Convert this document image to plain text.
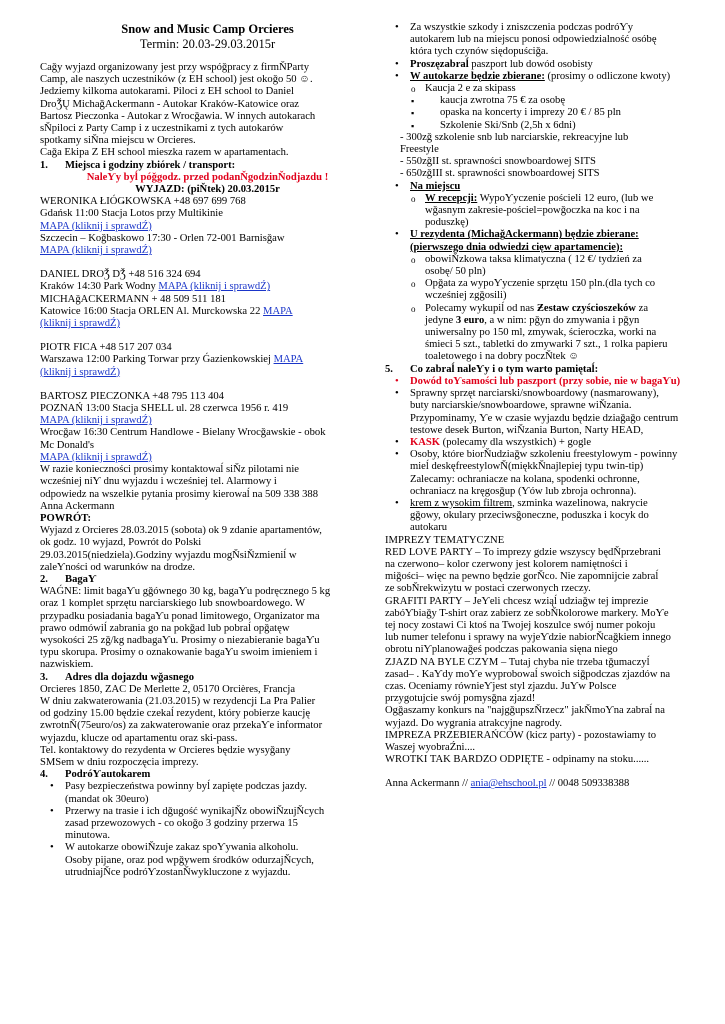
Snow and Music Camp Orcieres

Termin: 20.03-29.03.2015r

Caǧy wyjazd organizowany jest przy wspóǧpracy z firmŇParty

Camp, ale naszych uczestników (z EH school) jest okoǧo 50 ☺.

Jedziemy kilkoma autokarami. Piloci z EH school to Daniel

DroǮŲ MichaǧAckermann - Autokar Kraków-Katowice oraz

Bartosz Pieczonka - Autokar z Wrocǧawia. W innych autokarach

sŇpiloci z Party Camp i z uczestnikami z tych autokarów

spotkamy siŇna miejscu w Orcieres.

Caǧa Ekipa Z EH school mieszka razem w apartamentach.

1.	Miejsca i godziny zbiórek / transport:

NaleƳy byĺ póǧgodz. przed podanŇgodzinŇodjazdu !

WYJAZD: (piŇtek) 20.03.2015r

WERONIKA ŁIÓǤKOWSKA +48 697 699 768

Gdańsk 11:00 Stacja Lotos przy Multikinie

MAPA (kliknij i sprawdŹ)

Szczecin – Koǧbaskowo 17:30 - Orlen 72-001 Barnisǧaw

MAPA (kliknij i sprawdŹ)

DANIEL DROǮ DǮ +48 516 324 694

Kraków 14:30 Park Wodny MAPA (kliknij i sprawdŹ)

MICHAǧACKERMANN + 48 509 511 181

Katowice 16:00 Stacja ORLEN Al. Murckowska 22 MAPA

(kliknij i sprawdŹ)

PIOTR FICA +48 517 207 034

Warszawa 12:00 Parking Torwar przy Ǵazienkowskiej MAPA

(kliknij i sprawdŹ)

BARTOSZ PIECZONKA +48 795 113 404

POZNAŃ 13:00 Stacja SHELL ul. 28 czerwca 1956 r. 419

MAPA (kliknij i sprawdŹ)

Wrocǧaw 16:30 Centrum Handlowe - Bielany Wrocǧawskie - obok

Mc Donald's

MAPA (kliknij i sprawdŹ)

W razie konieczności prosimy kontaktowaĺ siŇz pilotami nie

wcześniej niƳ dnu wyjazdu i wcześniej tel. Alarmowy i

odpowiedz na wszelkie pytania prosimy kierowaĺ na 509 338 388

Anna Ackermann

POWRÓT:

Wyjazd z Orcieres 28.03.2015 (sobota) ok 9 zdanie apartamentów,

ok godz. 10 wyjazd, Powrót do Polski

29.03.2015(niedziela).Godziny wyjazdu mogŇsiŇzmieniĺ w

zaleƳności od warunków na drodze.

2.	BagaƳ

WAǴNE: limit bagaƳu gǧównego 30 kg, bagaƳu podręcznego 5 kg

oraz 1 komplet sprzętu narciarskiego lub snowboardowego. W

przypadku posiadania bagaƳu ponad limitowego, Organizator ma

prawo odmówiĺ zabrania go na pokǧad lub pobraĺ opǧatęw

wysokości 25 zǧ/kg nadbagaƳu. Prosimy o niezabieranie bagaƳu

typu skorupa. Prosimy o oznakowanie bagaƳu swoim imieniem i

nazwiskiem.

3.	Adres dla dojazdu wǧasnego

Orcieres 1850, ZAC De Merlette 2, 05170 Orcières, Francja

W dniu zakwaterowania (21.03.2015) w rezydencji La Pra Palier

od godziny 15.00 będzie czekaĺ rezydent, który pobierze kaucję

zwrotnŇ(75euro/os) za zakwaterowanie oraz przekaƳe informator

wyjazdu, klucze od apartamentu oraz ski-pass.

Tel. kontaktowy do rezydenta w Orcieres będzie wysyǧany

SMSem w dniu rozpoczęcia imprezy.

4.	PodróƳautokarem

• Pasy bezpieczeństwa powinny byĺ zapięte podczas jazdy.

(mandat ok 30euro)

• Przerwy na trasie i ich dǧugość wynikajŇz obowiŇzujŇcych

zasad przewozowych - co okoǧo 3 godziny przerwa 15

minutowa.

• W autokarze obowiŇzuje zakaz spoƳywania alkoholu.

Osoby pijane, oraz pod wpǧywem środków odurzajŇcych,

utrudniajŇce podróƳzostanŇwykluczone z wyjazdu.

• Za wszystkie szkody i zniszczenia podczas podróƳy

autokarem lub na miejscu ponosi odpowiedzialność osóbę

która tych czynów siędopuściǧa.

• Proszęzabraĺ paszport lub dowód osobisty

• W autokarze będzie zbierane: (prosimy o odliczone kwoty)

o Kaucja 2 e za skipass

▪ kaucja zwrotna 75 € za osobę

▪ opaska na koncerty i imprezy 20 € / 85 pln

▪ Szkolenie Ski/Snb (2,5h x 6dni)

- 300zǧ szkolenie snb lub narciarskie, rekreacyjne lub

Freestyle

- 550zǧII st. sprawności snowboardowej SITS

- 650zǧIII st. sprawności snowboardowej SITS

• Na miejscu

o W recepcji: WypoƳyczenie pościeli 12 euro, (lub we

wǧasnym zakresie-pościel=powǧoczka na koc i na

poduszkę)

• U rezydenta (MichaǧAckermann) będzie zbierane:

(pierwszego dnia odwiedzi cięw apartamencie):

o obowiŇzkowa taksa klimatyczna ( 12 €/ tydzień za

osobę/ 50 pln)

o Opǧata za wypoƳyczenie sprzętu 150 pln.(dla tych co

wcześniej zgǧosili)

o Polecamy wykupiĺ od nas Ƶestaw czyścioszeków za

jedyne 3 euro, a w nim: pǧyn do zmywania i pǧyn

uniwersalny po 150 ml, zmywak, ścieroczka, worki na

śmieci 5 szt., tabletki do zmywarki 7 szt., 1 rolka papieru

toaletowego i na dobry poczŇtek ☺

5.	Co zabraĺ naleƳy i o tym warto pamiętaĺ:

• Dowód toƳsamości lub paszport (przy sobie, nie w bagaƳu)

• Sprawny sprzęt narciarski/snowboardowy (nasmarowany),

buty narciarskie/snowboardowe, sprawne wiŇzania.

Przypominamy, Ƴe w czasie wyjazdu będzie dziaǧaǧo centrum

testowe desek Burton, wiŇzania Burton, Narty HEAD,

• KASK (polecamy dla wszystkich) + gogle

• Osoby, które biorŇudziaǧw szkoleniu freestylowym - powinny

mieĺ deskęfreestylowŇ(miękkŇnajlepiej typu twin-tip)

Zalecamy: ochraniacze na kolana, spodenki ochronne,

ochraniacz na kręgosǧup (Ƴów lub zbroja ochronna).

• krem z wysokim filtrem, szminka wazelinowa, nakrycie

gǧowy, okulary przeciwsǧoneczne, poduszka i kocyk do

autokaru

IMPREZY TEMATYCZNE

RED LOVE PARTY – To imprezy gdzie wszyscy będŇprzebrani

na czerwono– kolor czerwony jest kolorem namiętności i

miǧości– więc na pewno będzie gorŇco. Nie zapomnijcie zabraĺ

ze sobŇrekwizytu w postaci czerwonych rzeczy.

GRAFITI PARTY – JeƳeli chcesz wziąĺ udziaǧw tej imprezie

zabóƳbiaǧy T-shirt oraz zabierz ze sobŇkolorowe markery. MoƳe

tej nocy zostawi Ci ktoś na Twojej koszulce swój numer pokoju

lub numer telefonu i sprawy na wyjeƳdzie nabiorŇcaǧkiem innego

obrotu niƳplanowaǧeś podczas pakowania sięna niego

ZJAZD NA BYLE CZYM – Tutaj chyba nie trzeba tǧumaczyĺ

zasad– . KaƳdy moƳe wyprobowaĺ swoich siǧpodczas zjazdów na

czas. Oceniamy równieƳjest styl zjazdu. JuƳw Polsce

przygotujcie swój pomysǧna zjazd!

Ogǧaszamy konkurs na "najgǧupszŇrzecz" jakŇmoƳna zabraĺ na

wyjazd. Do wygrania atrakcyjne nagrody.

IMPREZA PRZEBIERAŃCÓW (kicz party) - pozostawiamy to

Waszej wyobraŹni....

WROTKI TAK BARDZO ODPIĘTE - odpinamy na stoku......

Anna Ackermann // ania@ehschool.pl // 0048 509338388
